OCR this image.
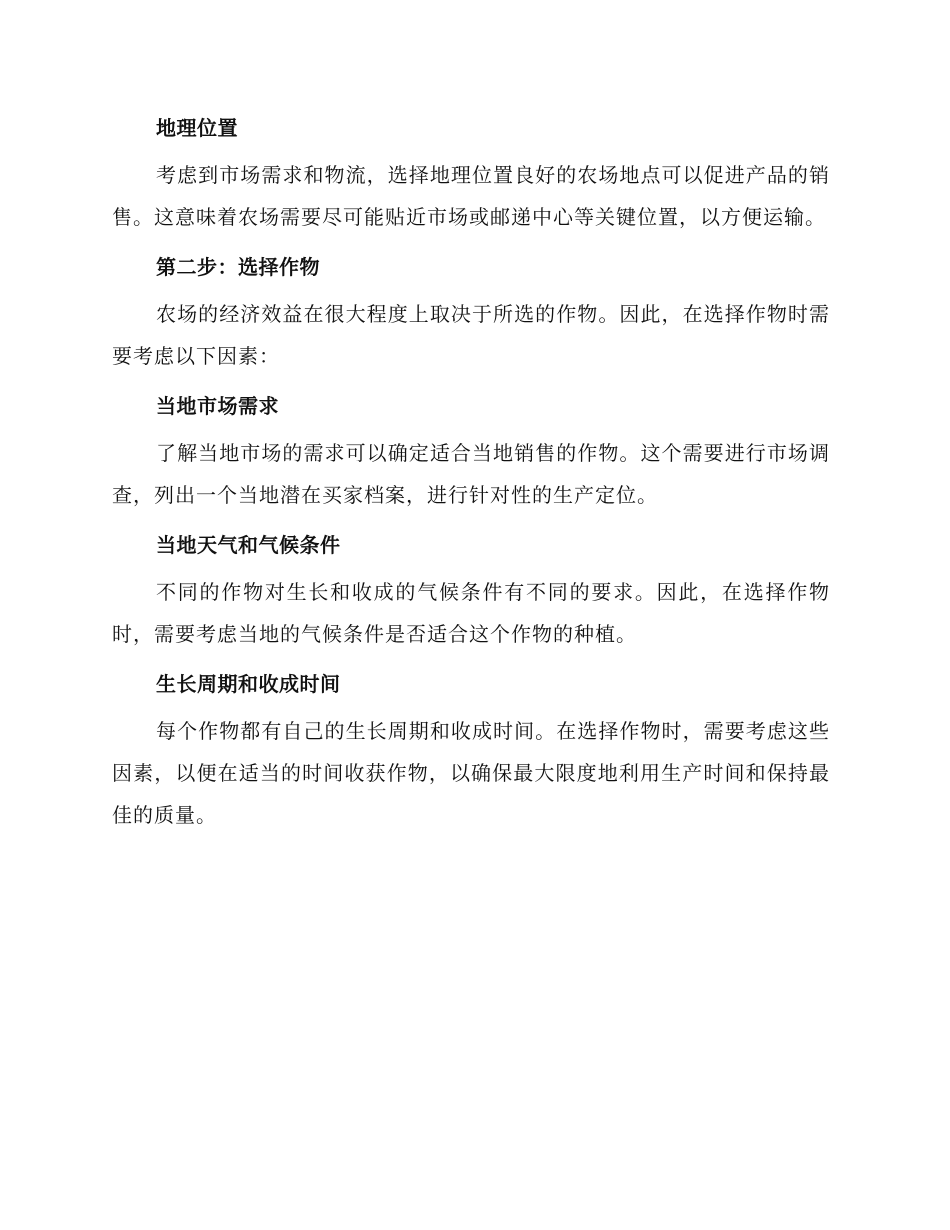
地理位置

考虑到市场需求和物流，选择地理位置良好的农场地点可以促进产品的销售。这意味着农场需要尽可能贴近市场或邮递中心等关键位置，以方便运输。

第二步：选择作物

农场的经济效益在很大程度上取决于所选的作物。因此，在选择作物时需要考虑以下因素：

当地市场需求

了解当地市场的需求可以确定适合当地销售的作物。这个需要进行市场调查，列出一个当地潜在买家档案，进行针对性的生产定位。

当地天气和气候条件

不同的作物对生长和收成的气候条件有不同的要求。因此，在选择作物时，需要考虑当地的气候条件是否适合这个作物的种植。

生长周期和收成时间

每个作物都有自己的生长周期和收成时间。在选择作物时，需要考虑这些因素，以便在适当的时间收获作物，以确保最大限度地利用生产时间和保持最佳的质量。
